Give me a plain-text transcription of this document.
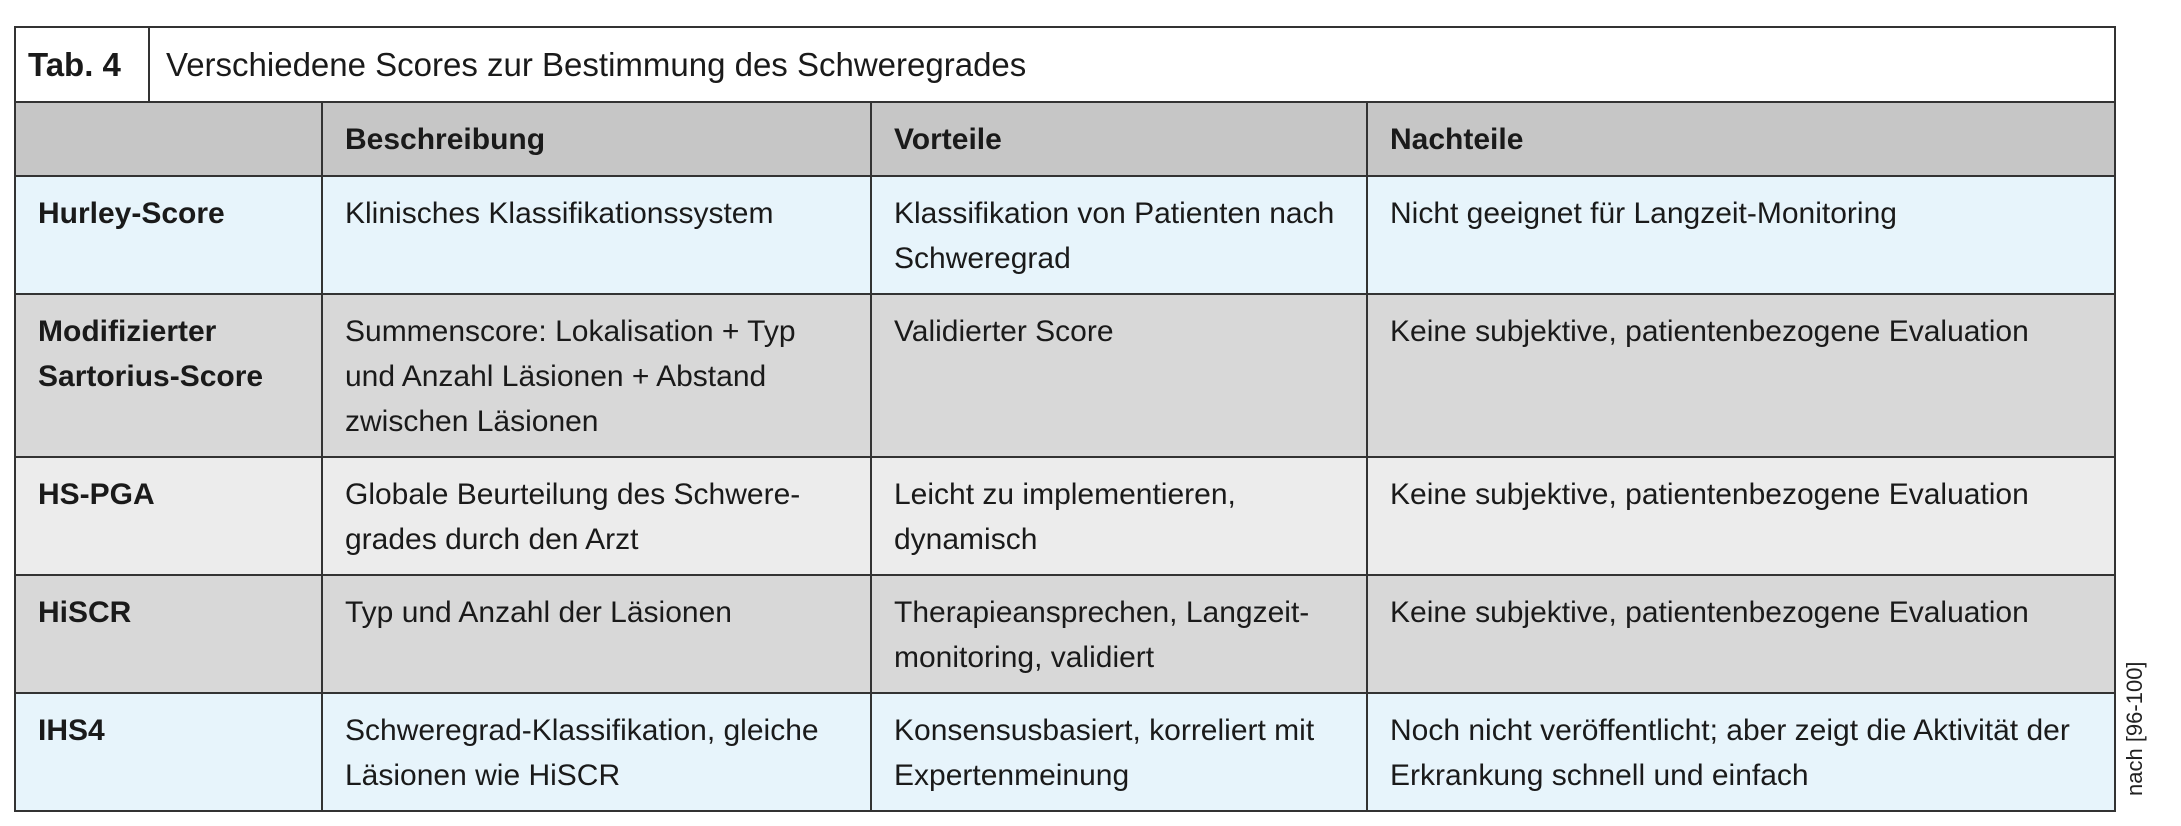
Tab. 4	Verschiedene Scores zur Bestimmung des Schweregrades
	Beschreibung	Vorteile	Nachteile
Hurley-Score	Klinisches Klassifikationssystem	Klassifikation von Patienten nach Schweregrad	Nicht geeignet für Langzeit-Monitoring
Modifizierter Sartorius-Score	Summenscore: Lokalisation + Typ und Anzahl Läsionen + Abstand zwischen Läsionen	Validierter Score	Keine subjektive, patientenbezogene Evaluation
HS-PGA	Globale Beurteilung des Schwere-grades durch den Arzt	Leicht zu implementieren, dynamisch	Keine subjektive, patientenbezogene Evaluation
HiSCR	Typ und Anzahl der Läsionen	Therapieansprechen, Langzeit-monitoring, validiert	Keine subjektive, patientenbezogene Evaluation
IHS4	Schweregrad-Klassifikation, gleiche Läsionen wie HiSCR	Konsensusbasiert, korreliert mit Expertenmeinung	Noch nicht veröffentlicht; aber zeigt die Aktivität der Erkrankung schnell und einfach	nach [96-100]
